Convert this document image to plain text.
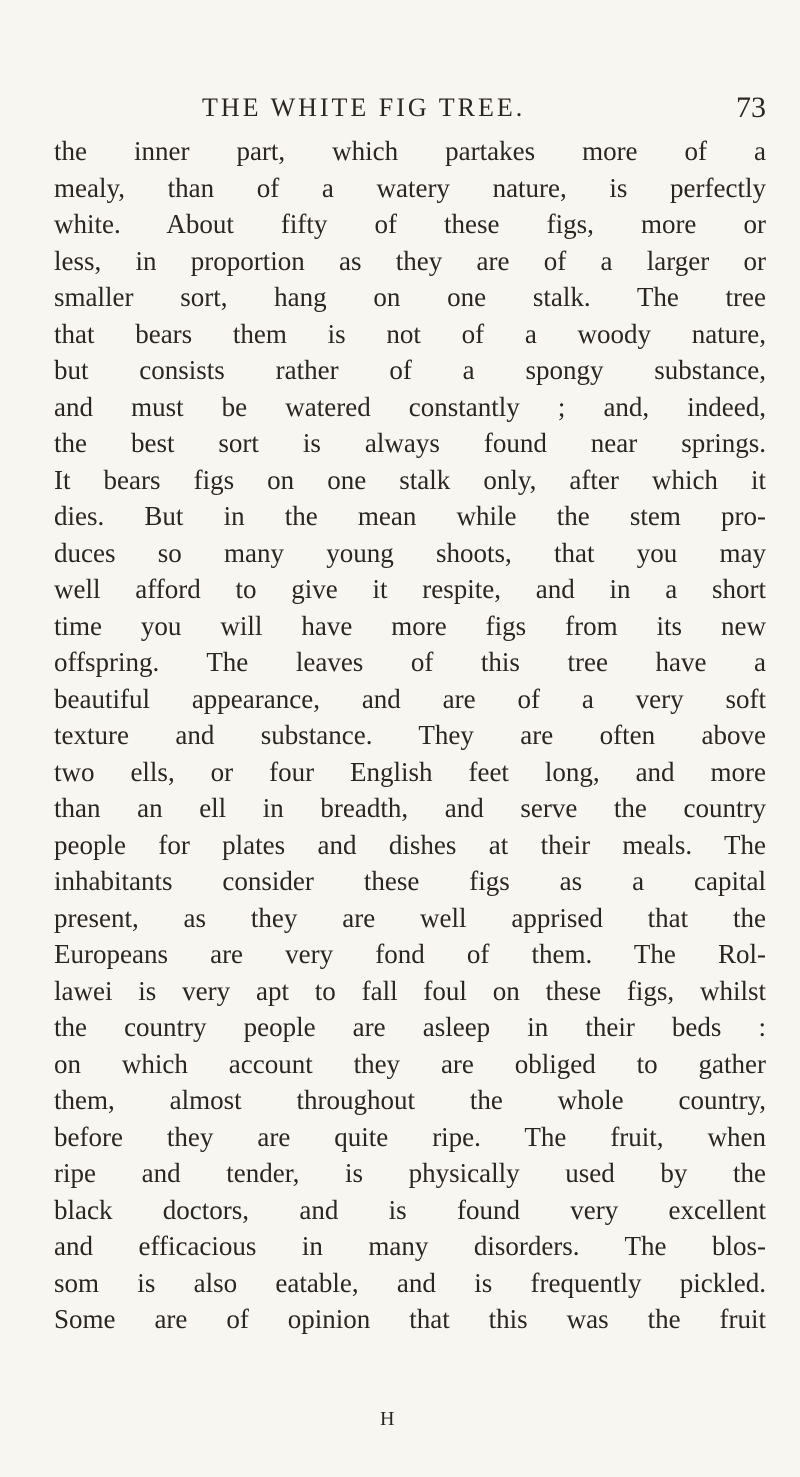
THE WHITE FIG TREE.	73
the inner part, which partakes more of a
mealy, than of a watery nature, is perfectly
white. About fifty of these figs, more or
less, in proportion as they are of a larger or
smaller sort, hang on one stalk. The tree
that bears them is not of a woody nature,
but consists rather of a spongy substance,
and must be watered constantly ; and, indeed,
the best sort is always found near springs.
It bears figs on one stalk only, after which it
dies. But in the mean while the stem pro-
duces so many young shoots, that you may
well afford to give it respite, and in a short
time you will have more figs from its new
offspring. The leaves of this tree have a
beautiful appearance, and are of a very soft
texture and substance. They are often above
two ells, or four English feet long, and more
than an ell in breadth, and serve the country
people for plates and dishes at their meals. The
inhabitants consider these figs as a capital
present, as they are well apprised that the
Europeans are very fond of them. The Rol-
lawei is very apt to fall foul on these figs, whilst
the country people are asleep in their beds :
on which account they are obliged to gather
them, almost throughout the whole country,
before they are quite ripe. The fruit, when
ripe and tender, is physically used by the
black doctors, and is found very excellent
and efficacious in many disorders. The blos-
som is also eatable, and is frequently pickled.
Some are of opinion that this was the fruit
H
